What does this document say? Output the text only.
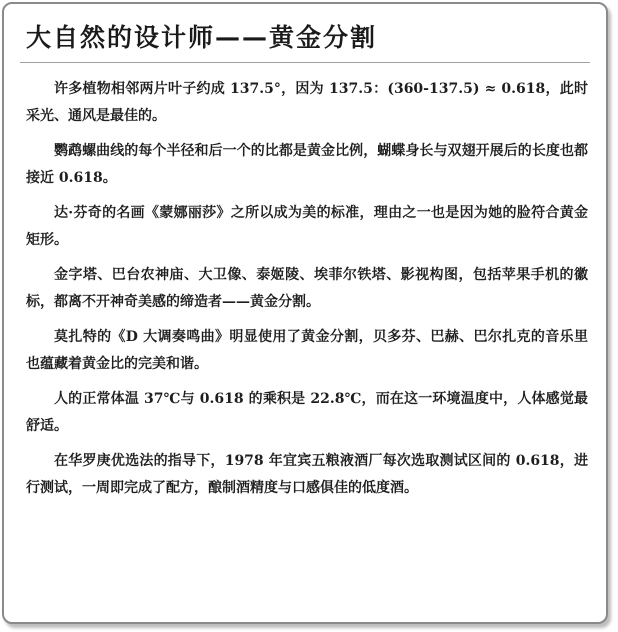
大自然的设计师——黄金分割

许多植物相邻两片叶子约成 137.5°，因为 137.5：(360-137.5) ≈ 0.618，此时采光、通风是最佳的。

鹦鹉螺曲线的每个半径和后一个的比都是黄金比例，蝴蝶身长与双翅开展后的长度也都接近 0.618。

达·芬奇的名画《蒙娜丽莎》之所以成为美的标准，理由之一也是因为她的脸符合黄金矩形。

金字塔、巴台农神庙、大卫像、泰姬陵、埃菲尔铁塔、影视构图，包括苹果手机的徽标，都离不开神奇美感的缔造者——黄金分割。

莫扎特的《D 大调奏鸣曲》明显使用了黄金分割，贝多芬、巴赫、巴尔扎克的音乐里也蕴藏着黄金比的完美和谐。

人的正常体温 37℃与 0.618 的乘积是 22.8℃，而在这一环境温度中，人体感觉最舒适。

在华罗庚优选法的指导下，1978 年宜宾五粮液酒厂每次选取测试区间的 0.618，进行测试，一周即完成了配方，酿制酒精度与口感俱佳的低度酒。
